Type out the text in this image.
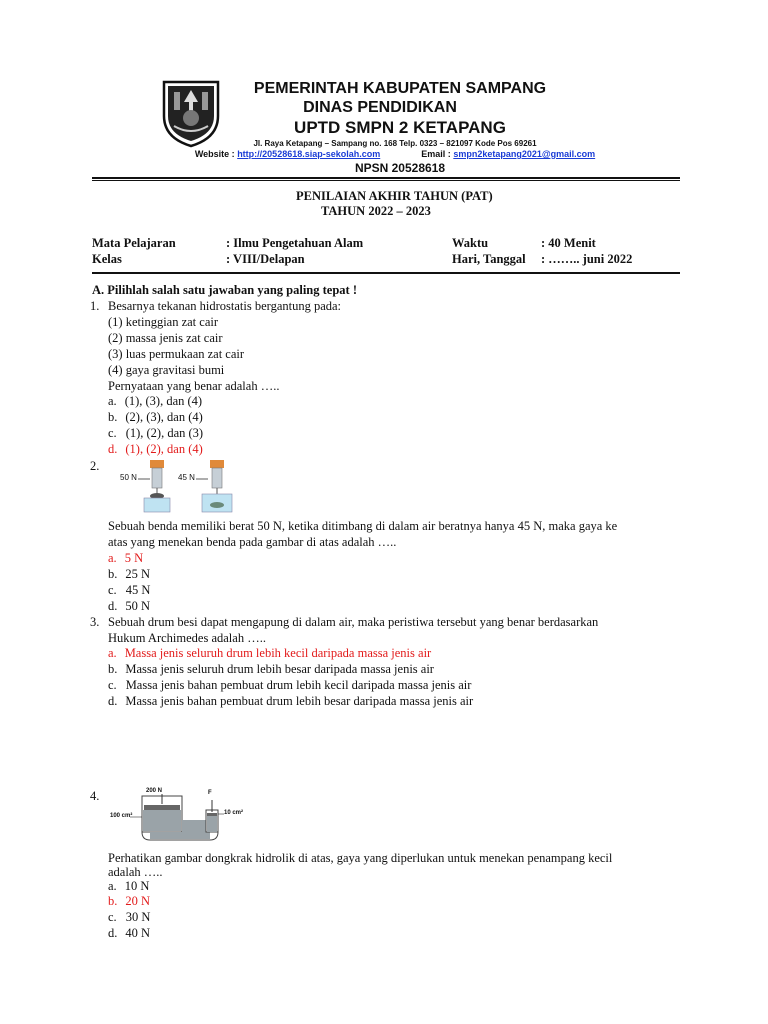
PEMERINTAH KABUPATEN SAMPANG
DINAS PENDIDIKAN
UPTD SMPN 2 KETAPANG
Jl. Raya Ketapang – Sampang no. 168 Telp. 0323 – 821097 Kode Pos 69261
Website : http://20528618.siap-sekolah.com	Email : smpn2ketapang2021@gmail.com
NPSN 20528618
PENILAIAN AKHIR TAHUN (PAT)
TAHUN 2022 – 2023
Mata Pelajaran	: Ilmu Pengetahuan Alam	Waktu	: 40 Menit
Kelas	: VIII/Delapan	Hari, Tanggal : …….. juni 2022
A. Pilihlah salah satu jawaban yang paling tepat !
1. Besarnya tekanan hidrostatis bergantung pada:
(1) ketinggian zat cair
(2) massa jenis zat cair
(3) luas permukaan zat cair
(4) gaya gravitasi bumi
Pernyataan yang benar adalah …..
a. (1), (3), dan (4)
b. (2), (3), dan (4)
c. (1), (2), dan (3)
d. (1), (2), dan (4)
2.
50 N	45 N
Sebuah benda memiliki berat 50 N, ketika ditimbang di dalam air beratnya hanya 45 N, maka gaya ke
atas yang menekan benda pada gambar di atas adalah …..
a. 5 N
b. 25 N
c. 45 N
d. 50 N
3. Sebuah drum besi dapat mengapung di dalam air, maka peristiwa tersebut yang benar berdasarkan
Hukum Archimedes adalah …..
a. Massa jenis seluruh drum lebih kecil daripada massa jenis air
b. Massa jenis seluruh drum lebih besar daripada massa jenis air
c. Massa jenis bahan pembuat drum lebih kecil daripada massa jenis air
d. Massa jenis bahan pembuat drum lebih besar daripada massa jenis air
4.	200 N	F
100 cm²	10 cm²
Perhatikan gambar dongkrak hidrolik di atas, gaya yang diperlukan untuk menekan penampang kecil
adalah …..
a. 10 N
b. 20 N
c. 30 N
d. 40 N
